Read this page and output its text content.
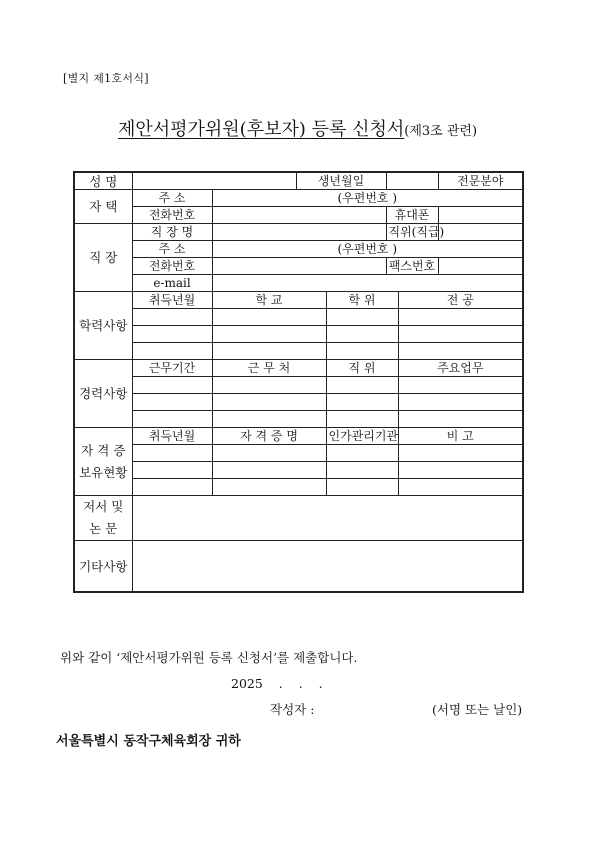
[별지 제1호서식]
제안서평가위원(후보자) 등록 신청서(제3조 관련)
성 명			생년월일				전문분야
자 택	주 소	(우편번호 )					
	전화번호				휴대폰		
직 장	직 장 명				직위(직급)		
	주 소	(우편번호 )					
	전화번호				팩스번호		
	e-mail						
학력사항	취득년월	학 교		학 위		전 공	

경력사항	근무기간	근 무 처		직 위		주요업무	

자 격 증 보유현황	취득년월	자 격 증 명		인가관리기관		비 고	

저서 및 논 문							
기타사항							
위와 같이 ‘제안서평가위원 등록 신청서’를 제출합니다.
2025 . . .
작성자 :	(서명 또는 날인)
서울특별시 동작구체육회장 귀하
